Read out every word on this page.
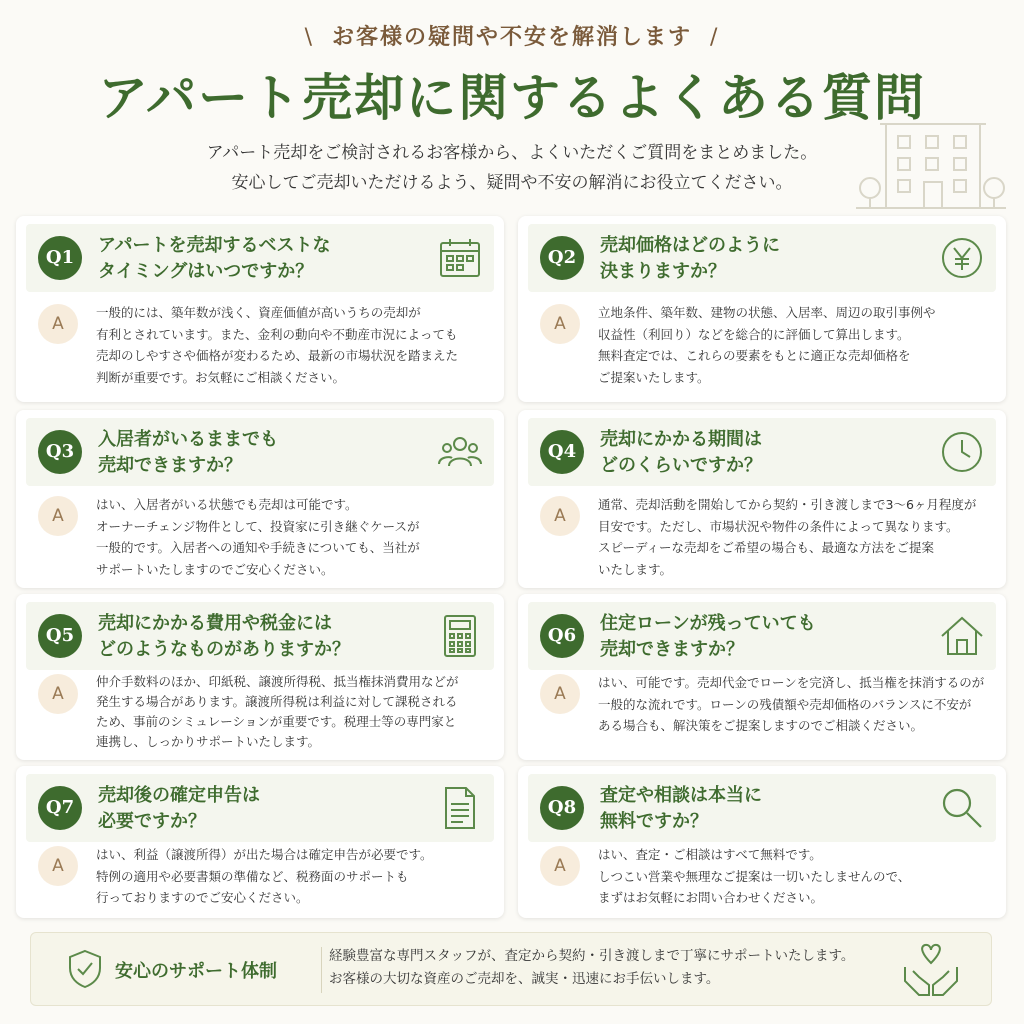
\ お客様の疑問や不安を解消します /
アパート売却に関するよくある質問
アパート売却をご検討されるお客様から、よくいただくご質問をまとめました。
安心してご売却いただけるよう、疑問や不安の解消にお役立てください。
Q1
アパートを売却するベストな
タイミングはいつですか？
A
一般的には、築年数が浅く、資産価値が高いうちの売却が
有利とされています。また、金利の動向や不動産市況によっても
売却のしやすさや価格が変わるため、最新の市場状況を踏まえた
判断が重要です。お気軽にご相談ください。
Q2
売却価格はどのように
決まりますか？
A
立地条件、築年数、建物の状態、入居率、周辺の取引事例や
収益性（利回り）などを総合的に評価して算出します。
無料査定では、これらの要素をもとに適正な売却価格を
ご提案いたします。
Q3
入居者がいるままでも
売却できますか？
A
はい、入居者がいる状態でも売却は可能です。
オーナーチェンジ物件として、投資家に引き継ぐケースが
一般的です。入居者への通知や手続きについても、当社が
サポートいたしますのでご安心ください。
Q4
売却にかかる期間は
どのくらいですか？
A
通常、売却活動を開始してから契約・引き渡しまで3〜6ヶ月程度が
目安です。ただし、市場状況や物件の条件によって異なります。
スピーディーな売却をご希望の場合も、最適な方法をご提案
いたします。
Q5
売却にかかる費用や税金には
どのようなものがありますか？
A
仲介手数料のほか、印紙税、譲渡所得税、抵当権抹消費用などが
発生する場合があります。譲渡所得税は利益に対して課税される
ため、事前のシミュレーションが重要です。税理士等の専門家と
連携し、しっかりサポートいたします。
Q6
住定ローンが残っていても
売却できますか？
A
はい、可能です。売却代金でローンを完済し、抵当権を抹消するのが
一般的な流れです。ローンの残債額や売却価格のバランスに不安が
ある場合も、解決策をご提案しますのでご相談ください。
Q7
売却後の確定申告は
必要ですか？
A
はい、利益（譲渡所得）が出た場合は確定申告が必要です。
特例の適用や必要書類の準備など、税務面のサポートも
行っておりますのでご安心ください。
Q8
査定や相談は本当に
無料ですか？
A
はい、査定・ご相談はすべて無料です。
しつこい営業や無理なご提案は一切いたしませんので、
まずはお気軽にお問い合わせください。
安心のサポート体制
経験豊富な専門スタッフが、査定から契約・引き渡しまで丁寧にサポートいたします。
お客様の大切な資産のご売却を、誠実・迅速にお手伝いします。
